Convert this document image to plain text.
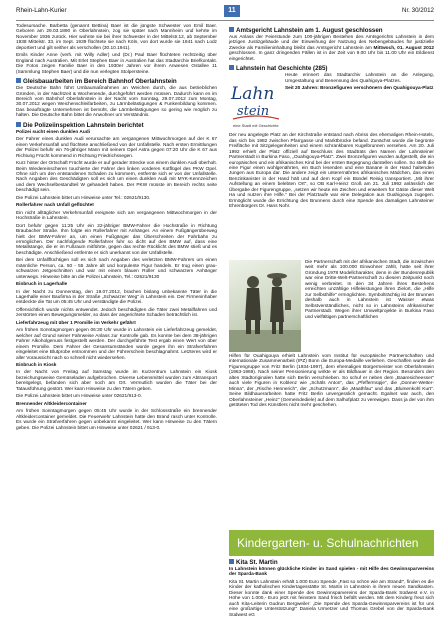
Rhein-Lahn-Kurier	11	Nr. 30/2012

Todesursache. Barbetta (genannt Bettina) Baer ist die jüngste Schwester von Emil Baer. Geboren am 29.03.1890 in Oberlahnstein, zog sie später nach Mannheim und kehrte im November 1936 zurück. Hier wohnte sie bei ihrer Schwester in der Mittelstr.12, ab September 1938 Mittelstr. 33, im Sept. 1939 flüchtete sie nach Köln, von dort wurde sie 1941 nach Lodz deportiert und gilt seither als verschollen (30.10.1941).

Emils Kinder Anne (verh. mit Willy Adler) und (Dr.) Paul Baer flüchteten rechtzeitig über England nach Australien. Mit Erlet Stephen Baer in Australien hat das Stadtarchiv Briefkontakt. Die Fotos zeigen Familie Baer in den 1930er Jahren vor ihrem Anwesen Ostallee 11 (Sammlung Stephen Baer) und die nun verlegten Stolpersteine.

Gleisbauarbeiten im Bereich Bahnhof Oberlahnstein

Die Deutsche Bahn führt Umbaumaßnahmen an Weichen durch, die aus betrieblichen Gründen, in der Nachtzeit & Wochenende, durchgeführt werden müssen. Dadurch kann es im Bereich vom Bahnhof Oberlahnstein in der Nacht vom Sonntag, 29.07.2012 zum Montag, 30.07.2012 wegen Weichenschleifarbeiten, zu Lärmbelästigungen & Funkenbildung kommen. Das beauftragte Unternehmen ist bemüht, die Lärmbelästigungen so gering wie möglich zu halten. Die Deutsche Bahn bittet die Anwohner um Verständnis.

Die Polizeiinspektion Lahnstein berichtet

Polizei sucht einen dunklen Audi

Der Fahrer eines dunklen Audi verursachte am vergangenen Mittwochmorgen auf der K 67 einen Verkehrsunfall und flüchtete anschließend von der Unfallstelle. Nach ersten Ermittlungen der Polizei befuhr ein 76-jähriger Mann mit seinem Opel Astra gegen 07:20 Uhr die K 67 aus Richtung Frücht kommend in Richtung Friedrichssegen.

Kurz hinter der Ortschaft Frücht wurde er auf gerader Strecke von einem dunklen Audi überholt. Beim Wiedereinscheren touchierte der Fahrer den linken vorderen Kotflügel des PKW Opel. Ohne sich um den entstandenen Schaden zu kümmern, entfernte sich er von der Unfallstelle. Nach Angaben des Geschädigten soll es sich um einen dunklen Audi mit MYK-Kennzeichen und dem Wechselbestandteil W gehandelt haben. Der PKW müsste im Bereich rechts seite beschädigt sein.

Die Polizei Lahnstein bittet um Hinweise unter Tel.: 02621/9130.

Rollerfahrer nach Unfall geflüchtet

Ein nicht alltäglicher Verkehrsunfall ereignete sich am vergangenen Mittwochmorgen in der Hochstraße in Lahnstein.

Dort befuhr gegen 11:25 Uhr ein 22-jähriger BMW-Fahrer die Hochstraße in Richtung Braubacher Straße. Ihm folgte ein Rollerfahrer mit Anhänger. An einem Fußgängerüberweg hielt der BMW-Fahrer an, um einen Fußgänger das Überschreiten der Fahrbahn zu ermöglichen. Der nachfolgende Rollerfahrer fuhr so dicht auf den BMW auf, dass eine Metallstange, die er im Fußraum mitführte, gegen das rechte Rücklicht des BMW stieß und es beschädigte. Anschließend entfernte er sich unerkannt von der Unfallstelle.

Bei dem Unfallflüchtigen soll es sich nach Angaben des verletzten BMW-Fahrers um einen männliche Person, ca. 50 - 55 Jahre alt und korpulente Figur handeln. Er trug einen grau-schwarzen Jetgeschnitten und war mit einem blauen Roller und schwarzem Anhänger unterwegs. Hinweise bitte an die Polizei Lahnstein, Tel.: 02621/9130

Einbruch in Lagerhalle

In der Nacht zu Donnerstag, den 19.07.2012, brachen bislang unbekannte Täter in die Lagerhalle einer Baufirma in der Straße „Schwarzer Weg" in Lahnstein ein. Der Firmeninhaber entdeckte die Tat um 05:45 Uhr und verständigte die Polizei.

Offensichtlich wurde nichts entwendet. Jedoch beschädigten die Täter zwei Metallfahren und zerstörten einen Bewegungsmelder, so dass der angerichtete Schaden beträchtlich ist.

Lieferfahrzeug mit über 1 Promille im Verkehr gefährt

Am frühen Sonntagmorgen gegen 06:30 Uhr wurde in Lahnstein ein Lieferfahrzeug gemeldet, welcher auf Grund seiner Fahrweise Anlass zur Kontrolle gab. Es konnte bei dem 38-jährigen Fahrer Alkoholgenuss festgestellt werden. Der durchgeführte Test ergab einen Wert von über einem Promille. Dem Fahrer der Gesamtumständen wurde gegen ihn ein Strafverfahren eingeleitet eine Blutprobe entnommen und der Führerschein beschlagnahmt. Letzteres wird er aller Voraussicht nach so schnell nicht wiedersehen.

Einbruch in Kiosk

In der Nacht von Freitag auf Samstag wurde im Kurzentrum Lahnstein ein Kiosk bezeichungsweise Gemüseladen aufgebrochen. Diverse Lebensmittel wurden zum Abtransport bereitgelegt, befanden sich aber noch am Ort. Vermutlich wurden die Täter bei der Tatausführung gestört. Wer kann Hinweise zu den Tätern geben.

Die Polizei Lahnstein bittet um Hinweise unter 02621/913-0.

Brennender Altkleidercontainer

Am frühen Sonntagmorgen gegen 05:45 Uhr wurde in der Schlossstraße ein brennender Altkleidercontainer gemeldet. Die Feuerwehr Lahnstein hatte den Brand rasch unter Kontrolle. Es wurde ein Strafverfahren gegen unbekannt eingeleitet. Wer kann Hinweise zu den Tätern geben. Die Polizei Lahnstein bittet um Hinweise unter 02621 / 913-0.

Amtsgericht Lahnstein am 1. August geschlossen

Aus Anlass der Feierstunde zum 100-jährigen Bestehen des Amtsgerichts Lahnstein in dem jetzigen Justizgebäude und der Einweihung der Nutzung des Nebengebäudes für justizielle Zwecke als Familieninhaltung bleibt das Amtsgericht Lahnstein am Mittwoch, 01. August 2012 geschlossen. In ganz dringenden Fällen ist in der Zeit von 9.00 Uhr bis 11.00 Uhr ein Eildienst eingerichtet.

Lahnstein hat Geschichte (285)
Lahn
stein
eine Stadt mit Geschichte

Heute erinnert das Stadtarchiv Lahnstein an die Anlegung, Umgestaltung und Benennung des Quahigoya-Platzes.

Seit 20 Jahren: Bronzefiguren verschönern den Quahigouya-Platz

Der neu angelegte Platz an der Kirchstraße entstand nach Abriss des ehemaligen Rhein-Hotels, das sich bis 1982 zwischen Pfarrgasse und Marktbrücke befand. Zunächst wurde die begrünte Freifläche mit Sitzgelegenheiten und einem schrankbaren Kugelbrunnen versehen. Am 20. Juli 1992 erhielt der Platz offiziell auf Beschluss des Stadtrats den Namen der Lahnsteiner Partnerstadt in Burkina Faso, „Ouahigouya-Platz". Zwei Bronzefiguren wurden aufgestellt, die ein europäisches und ein afrikanisches Kind bei der ersten Begegnung darstellen sollen. So stellt die eine Figur einen wohlgenährten, ein Buch lesenden und eine Banane in der Hand haltenden Jungen aus Europa dar. Die andere zeigt ein unterernährtes afrikanisches Mädchen, das einen Benzinkanister in der Hand hält und auf dem Kopf ein Bündel Reisig transportiert. „Mit ihrer Aufstellung an einem belebten Ort", so OB Karl-Heinz Groß am 21. Juli 1992 anlässlich der Übergabe der Figurengruppe, „setzen wir heute ein Zeichen und erweitern für Gäste dieser Welt Ha und nutzen ihre Hilfe." Bei der Platztaufe war eine Delegation aus Ouahigouya zugegen. Ermöglicht wurde die Errichtung des Brunnens durch eine Spende des damaligen Lahnsteiner Ehrenbürgers Dr. Hans Nohr.

Die Partnerschaft mit der afrikanischen Stadt, die inzwischen weit mehr als 100.000 Einwohner zählt, hatte seit ihrer Gründung 1978 Modellcharakter, denn in der Bundesrepublik war eine Dritte-Welt-Partnerschaft zu diesem Zeitpunkt noch wenig verbreitet. In den 34 Jahren ihres Bestehens erreichten unzählige Hilfeleistungen ihren Zielort, die „Hilfe zur Selbsthilfe" ermöglichten. Symbolträchtig ist der Brunnen deshalb auch in Lahnstein ist Wasser etwas Selbstverständliches, nicht so in Lahnsteins afrikanischer Partnerstadt. Wegen ihrer Umweltprojekte in Burkina Faso und vielfältigen partnerschaftlichen

Hilfen für Ouahigouya erhielt Lahnstein vom Institut für europäische Partnerschaften und internationale Zusammenarbeit (IPZ) Bonn die Europa-Medaille verliehen. Geschaffen wurde die Figurengruppe von Fritz Berlin (1934-1997), dem ehemaligen Bürgermeister von Oberlahnstein (1963-1969). Nach seiner Pensionierung wirkte er als Bildhauer in der Region. Besonders den alten Stadtoriginalen hatte sich Berlin verschrieben. So schuf er neben dem „Baaresicheesser" auch viele Figuren in Koblenz wie „Schäls Anton", das „Pfeffermüpje", die „Donner-Wetter-Minna", der „Rische Hennerich", der „Schutzmann", die „Maathfau" und das „Blumenkohl Kurt". Seine Bildhauerarbeiten hatte Fritz Berlin unvergesslich gemacht. Egalnet war auch, den Oberlahnsteiner „Heinz" (Gemeindediele) auf dem Salhofplatz zu verewigen. Dass ja der von ihm getöteten Tod des Künstlers nicht mehr geschehen.

Kindergarten- u. Schulnachrichten
Kita St. Martin

In Lahnstein können glückliche Kinder im Sand spielen - mit Hilfe des Gewinnsparvereins der Sparda-Bank

Kita St. Martin Lahnstein erhält 1.000 Euro Spende „Fast so schön wie am Strand!", finden es die Kinder der katholischen Kindertagesstätte St. Martin in Lahnstein in ihrem neuen Sandkasten. Dieser konnte dank einer Spende des Gewinnsparvereins der Sparda-Bank Südwest e.V. in Höhe von 1.000,- Euro jetzt mit feinstem Sand frisch befüllt werden. Mit dem Kinderg freut sich auch Kita-Leiterin Gudrun Bergweiler: „Die Spende des Sparda-Gewinnsparvereins ist für uns eine großartige Unterstützung!" Daniela Urmetzer und Thomas Grebel von der Sparda-Bank Südwest eG
